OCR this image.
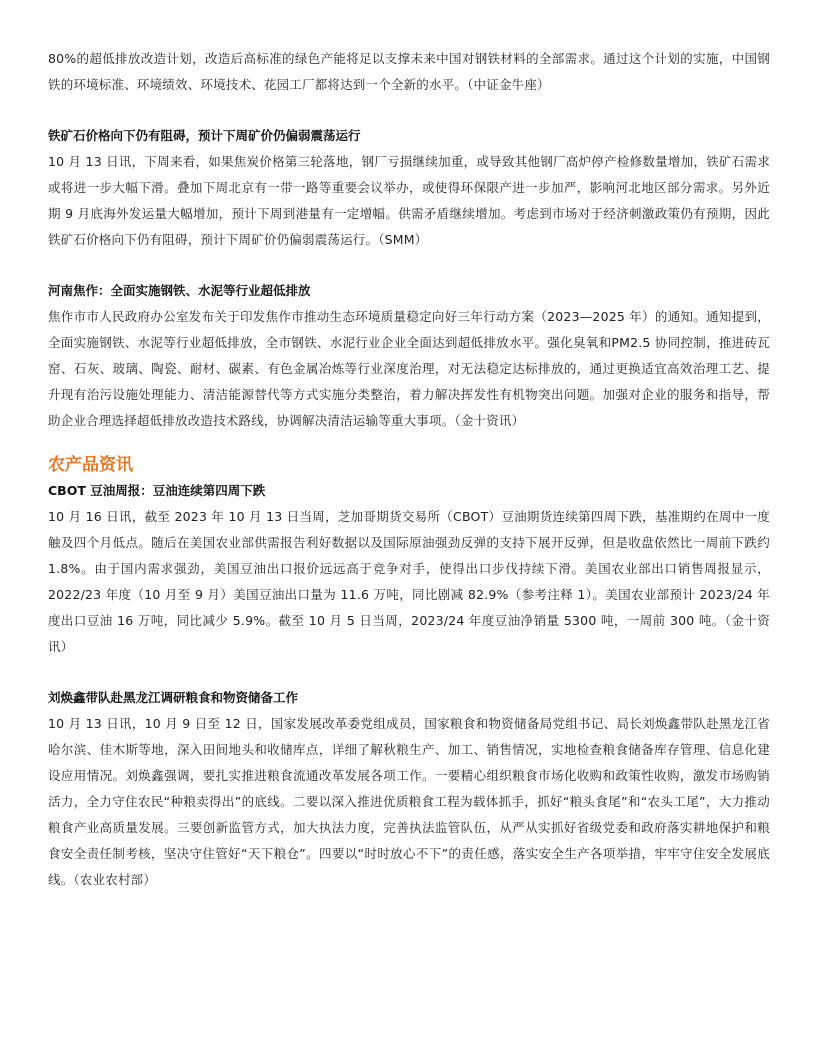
80%的超低排放改造计划，改造后高标准的绿色产能将足以支撑未来中国对钢铁材料的全部需求。通过这个计划的实施，中国钢铁的环境标准、环境绩效、环境技术、花园工厂都将达到一个全新的水平。（中证金牛座）

铁矿石价格向下仍有阻碍，预计下周矿价仍偏弱震荡运行

10 月 13 日讯，下周来看，如果焦炭价格第三轮落地，钢厂亏损继续加重，或导致其他钢厂高炉停产检修数量增加，铁矿石需求或将进一步大幅下滑。叠加下周北京有一带一路等重要会议举办，或使得环保限产进一步加严，影响河北地区部分需求。另外近期 9 月底海外发运量大幅增加，预计下周到港量有一定增幅。供需矛盾继续增加。考虑到市场对于经济刺激政策仍有预期，因此铁矿石价格向下仍有阻碍，预计下周矿价仍偏弱震荡运行。（SMM）

河南焦作：全面实施钢铁、水泥等行业超低排放

焦作市市人民政府办公室发布关于印发焦作市推动生态环境质量稳定向好三年行动方案（2023—2025 年）的通知。通知提到，全面实施钢铁、水泥等行业超低排放，全市钢铁、水泥行业企业全面达到超低排放水平。强化臭氧和PM2.5 协同控制，推进砖瓦窑、石灰、玻璃、陶瓷、耐材、碳素、有色金属冶炼等行业深度治理，对无法稳定达标排放的，通过更换适宜高效治理工艺、提升现有治污设施处理能力、清洁能源替代等方式实施分类整治，着力解决挥发性有机物突出问题。加强对企业的服务和指导，帮助企业合理选择超低排放改造技术路线，协调解决清洁运输等重大事项。（金十资讯）

农产品资讯
CBOT 豆油周报：豆油连续第四周下跌

10 月 16 日讯，截至 2023 年 10 月 13 日当周，芝加哥期货交易所（CBOT）豆油期货连续第四周下跌，基准期约在周中一度触及四个月低点。随后在美国农业部供需报告利好数据以及国际原油强劲反弹的支持下展开反弹，但是收盘依然比一周前下跌约 1.8%。由于国内需求强劲，美国豆油出口报价远远高于竞争对手，使得出口步伐持续下滑。美国农业部出口销售周报显示，2022/23 年度（10 月至 9 月）美国豆油出口量为 11.6 万吨，同比剧减 82.9%（参考注释 1）。美国农业部预计 2023/24 年度出口豆油 16 万吨，同比减少 5.9%。截至 10 月 5 日当周，2023/24 年度豆油净销量 5300 吨，一周前 300 吨。（金十资讯）

刘焕鑫带队赴黑龙江调研粮食和物资储备工作

10 月 13 日讯，10 月 9 日至 12 日，国家发展改革委党组成员，国家粮食和物资储备局党组书记、局长刘焕鑫带队赴黑龙江省哈尔滨、佳木斯等地，深入田间地头和收储库点，详细了解秋粮生产、加工、销售情况，实地检查粮食储备库存管理、信息化建设应用情况。刘焕鑫强调，要扎实推进粮食流通改革发展各项工作。一要精心组织粮食市场化收购和政策性收购，激发市场购销活力，全力守住农民“种粮卖得出”的底线。二要以深入推进优质粮食工程为载体抓手，抓好“粮头食尾”和“农头工尾”，大力推动粮食产业高质量发展。三要创新监管方式，加大执法力度，完善执法监管队伍，从严从实抓好省级党委和政府落实耕地保护和粮食安全责任制考核，坚决守住管好“天下粮仓”。四要以“时时放心不下”的责任感，落实安全生产各项举措，牢牢守住安全发展底线。（农业农村部）
